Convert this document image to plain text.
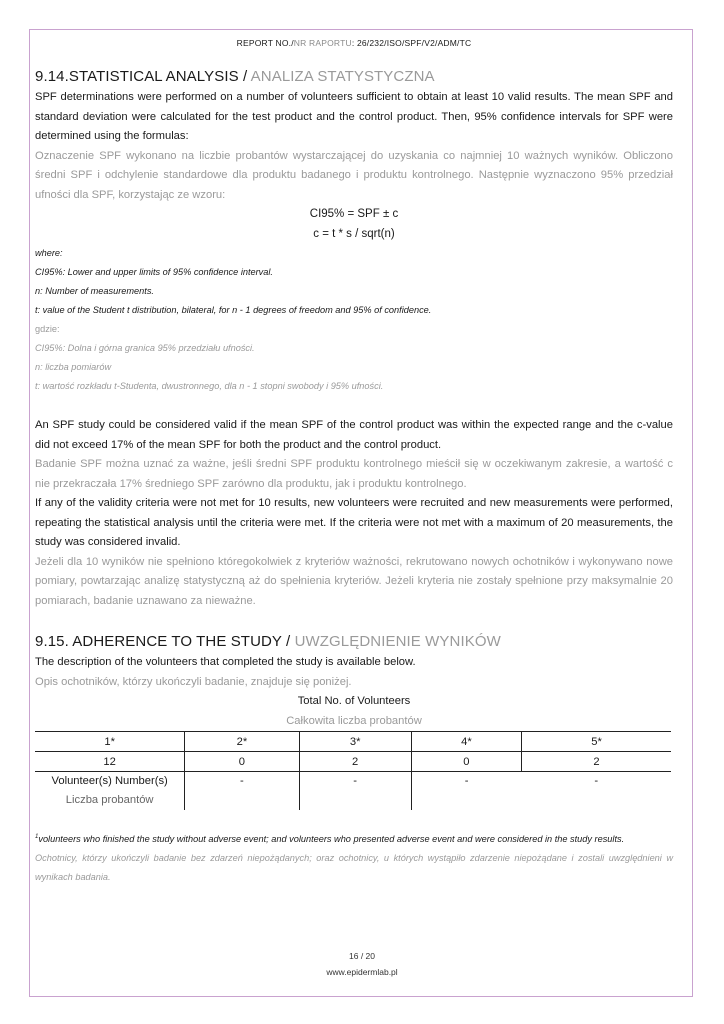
REPORT NO./NR RAPORTU: 26/232/ISO/SPF/V2/ADM/TC
9.14.STATISTICAL ANALYSIS / ANALIZA STATYSTYCZNA

SPF determinations were performed on a number of volunteers sufficient to obtain at least 10 valid results. The mean SPF and standard deviation were calculated for the test product and the control product. Then, 95% confidence intervals for SPF were determined using the formulas:

Oznaczenie SPF wykonano na liczbie probantów wystarczającej do uzyskania co najmniej 10 ważnych wyników. Obliczono średni SPF i odchylenie standardowe dla produktu badanego i produktu kontrolnego. Następnie wyznaczono 95% przedział ufności dla SPF, korzystając ze wzoru:

CI95% = SPF ± c
c = t * s / sqrt(n)
where:
CI95%: Lower and upper limits of 95% confidence interval.
n: Number of measurements.
t: value of the Student t distribution, bilateral, for n - 1 degrees of freedom and 95% of confidence.
gdzie:
CI95%: Dolna i górna granica 95% przedziału ufności.
n: liczba pomiarów
t: wartość rozkładu t-Studenta, dwustronnego, dla n - 1 stopni swobody i 95% ufności.

An SPF study could be considered valid if the mean SPF of the control product was within the expected range and the c-value did not exceed 17% of the mean SPF for both the product and the control product.

Badanie SPF można uznać za ważne, jeśli średni SPF produktu kontrolnego mieścił się w oczekiwanym zakresie, a wartość c nie przekraczała 17% średniego SPF zarówno dla produktu, jak i produktu kontrolnego.

If any of the validity criteria were not met for 10 results, new volunteers were recruited and new measurements were performed, repeating the statistical analysis until the criteria were met. If the criteria were not met with a maximum of 20 measurements, the study was considered invalid.

Jeżeli dla 10 wyników nie spełniono któregokolwiek z kryteriów ważności, rekrutowano nowych ochotników i wykonywano nowe pomiary, powtarzając analizę statystyczną aż do spełnienia kryteriów. Jeżeli kryteria nie zostały spełnione przy maksymalnie 20 pomiarach, badanie uznawano za nieważne.

9.15. ADHERENCE TO THE STUDY / UWZGLĘDNIENIE WYNIKÓW

The description of the volunteers that completed the study is available below.

Opis ochotników, którzy ukończyli badanie, znajduje się poniżej.

Total No. of Volunteers
Całkowita liczba probantów
1*	2*	3*	4*	5*
12	0	2	0	2

Volunteer(s) Number(s)
Liczba probantów	-	-	-	-
$^1$volunteers who finished the study without adverse event; and volunteers who presented adverse event and were considered in the study results.
Ochotnicy, którzy ukończyli badanie bez zdarzeń niepożądanych; oraz ochotnicy, u których wystąpiło zdarzenie niepożądane i zostali uwzględnieni w wynikach badania.
16 / 20
www.epidermlab.pl
